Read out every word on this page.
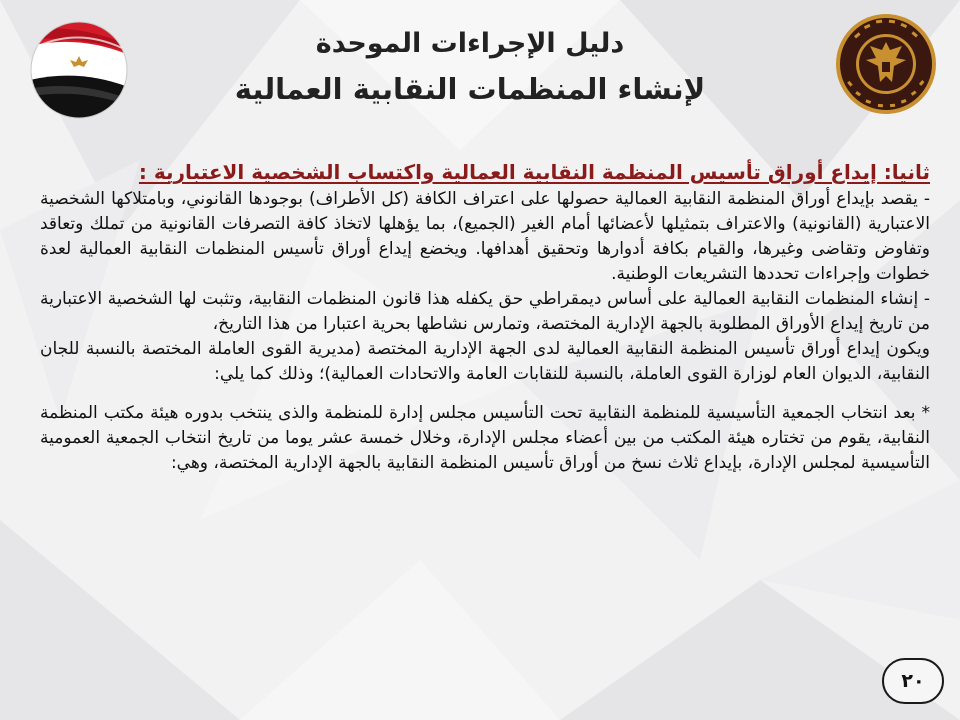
دليل الإجراءات الموحدة
لإنشاء المنظمات النقابية العمالية

ثانيا: إيداع أوراق تأسيس المنظمة النقابية العمالية واكتساب الشخصية الاعتبارية :

- يقصد بإيداع أوراق المنظمة النقابية العمالية حصولها على اعتراف الكافة (كل الأطراف) بوجودها القانوني، وبامتلاكها الشخصية الاعتبارية (القانونية) والاعتراف بتمثيلها لأعضائها أمام الغير (الجميع)، بما يؤهلها لاتخاذ كافة التصرفات القانونية من تملك وتعاقد وتفاوض وتقاضى وغيرها، والقيام بكافة أدوارها وتحقيق أهدافها. ويخضع إيداع أوراق تأسيس المنظمات النقابية العمالية لعدة خطوات وإجراءات تحددها التشريعات الوطنية.

- إنشاء المنظمات النقابية العمالية على أساس ديمقراطي حق يكفله هذا قانون المنظمات النقابية، وتثبت لها الشخصية الاعتبارية من تاريخ إيداع الأوراق المطلوبة بالجهة الإدارية المختصة، وتمارس نشاطها بحرية اعتبارا من هذا التاريخ،

ويكون إيداع أوراق تأسيس المنظمة النقابية العمالية لدى الجهة الإدارية المختصة (مديرية القوى العاملة المختصة بالنسبة للجان النقابية، الديوان العام لوزارة القوى العاملة، بالنسبة للنقابات العامة والاتحادات العمالية)؛ وذلك كما يلي:

* بعد انتخاب الجمعية التأسيسية للمنظمة النقابية تحت التأسيس مجلس إدارة للمنظمة والذى ينتخب بدوره هيئة مكتب المنظمة النقابية، يقوم من تختاره هيئة المكتب من بين أعضاء مجلس الإدارة، وخلال خمسة عشر يوما من تاريخ انتخاب الجمعية العمومية التأسيسية لمجلس الإدارة، بإيداع ثلاث نسخ من أوراق تأسيس المنظمة النقابية بالجهة الإدارية المختصة، وهي:

٢٠
